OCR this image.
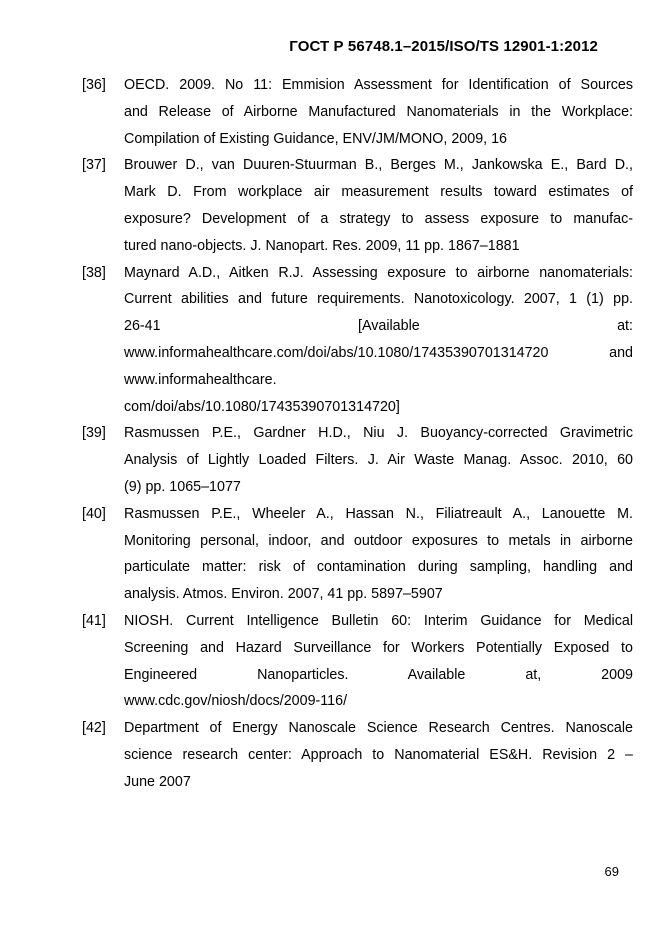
ГОСТ Р 56748.1–2015/ISO/TS 12901-1:2012
[36]	OECD. 2009. No 11: Emmision Assessment for Identification of Sources
and Release of Airborne Manufactured Nanomaterials in the Workplace:
Compilation of Existing Guidance, ENV/JM/MONO, 2009, 16
[37]	Brouwer D., van Duuren-Stuurman B., Berges M., Jankowska E., Bard D.,
Mark D. From workplace air measurement results toward estimates of
exposure? Development of a strategy to assess exposure to manufac-
tured nano-objects. J. Nanopart. Res. 2009, 11 pp. 1867–1881
[38]	Maynard A.D., Aitken R.J. Assessing exposure to airborne nanomaterials:
Current abilities and future requirements. Nanotoxicology. 2007, 1 (1) pp.
26-41 [Available at:
www.informahealthcare.com/doi/abs/10.1080/17435390701314720 and
www.informahealthcare.
com/doi/abs/10.1080/17435390701314720]
[39]	Rasmussen P.E., Gardner H.D., Niu J. Buoyancy-corrected Gravimetric
Analysis of Lightly Loaded Filters. J. Air Waste Manag. Assoc. 2010, 60
(9) pp. 1065–1077
[40]	Rasmussen P.E., Wheeler A., Hassan N., Filiatreault A., Lanouette M.
Monitoring personal, indoor, and outdoor exposures to metals in airborne
particulate matter: risk of contamination during sampling, handling and
analysis. Atmos. Environ. 2007, 41 pp. 5897–5907
[41]	NIOSH. Current Intelligence Bulletin 60: Interim Guidance for Medical
Screening and Hazard Surveillance for Workers Potentially Exposed to
Engineered Nanoparticles. Available at, 2009
www.cdc.gov/niosh/docs/2009-116/
[42]	Department of Energy Nanoscale Science Research Centres. Nanoscale
science research center: Approach to Nanomaterial ES&H. Revision 2 –
June 2007
69
